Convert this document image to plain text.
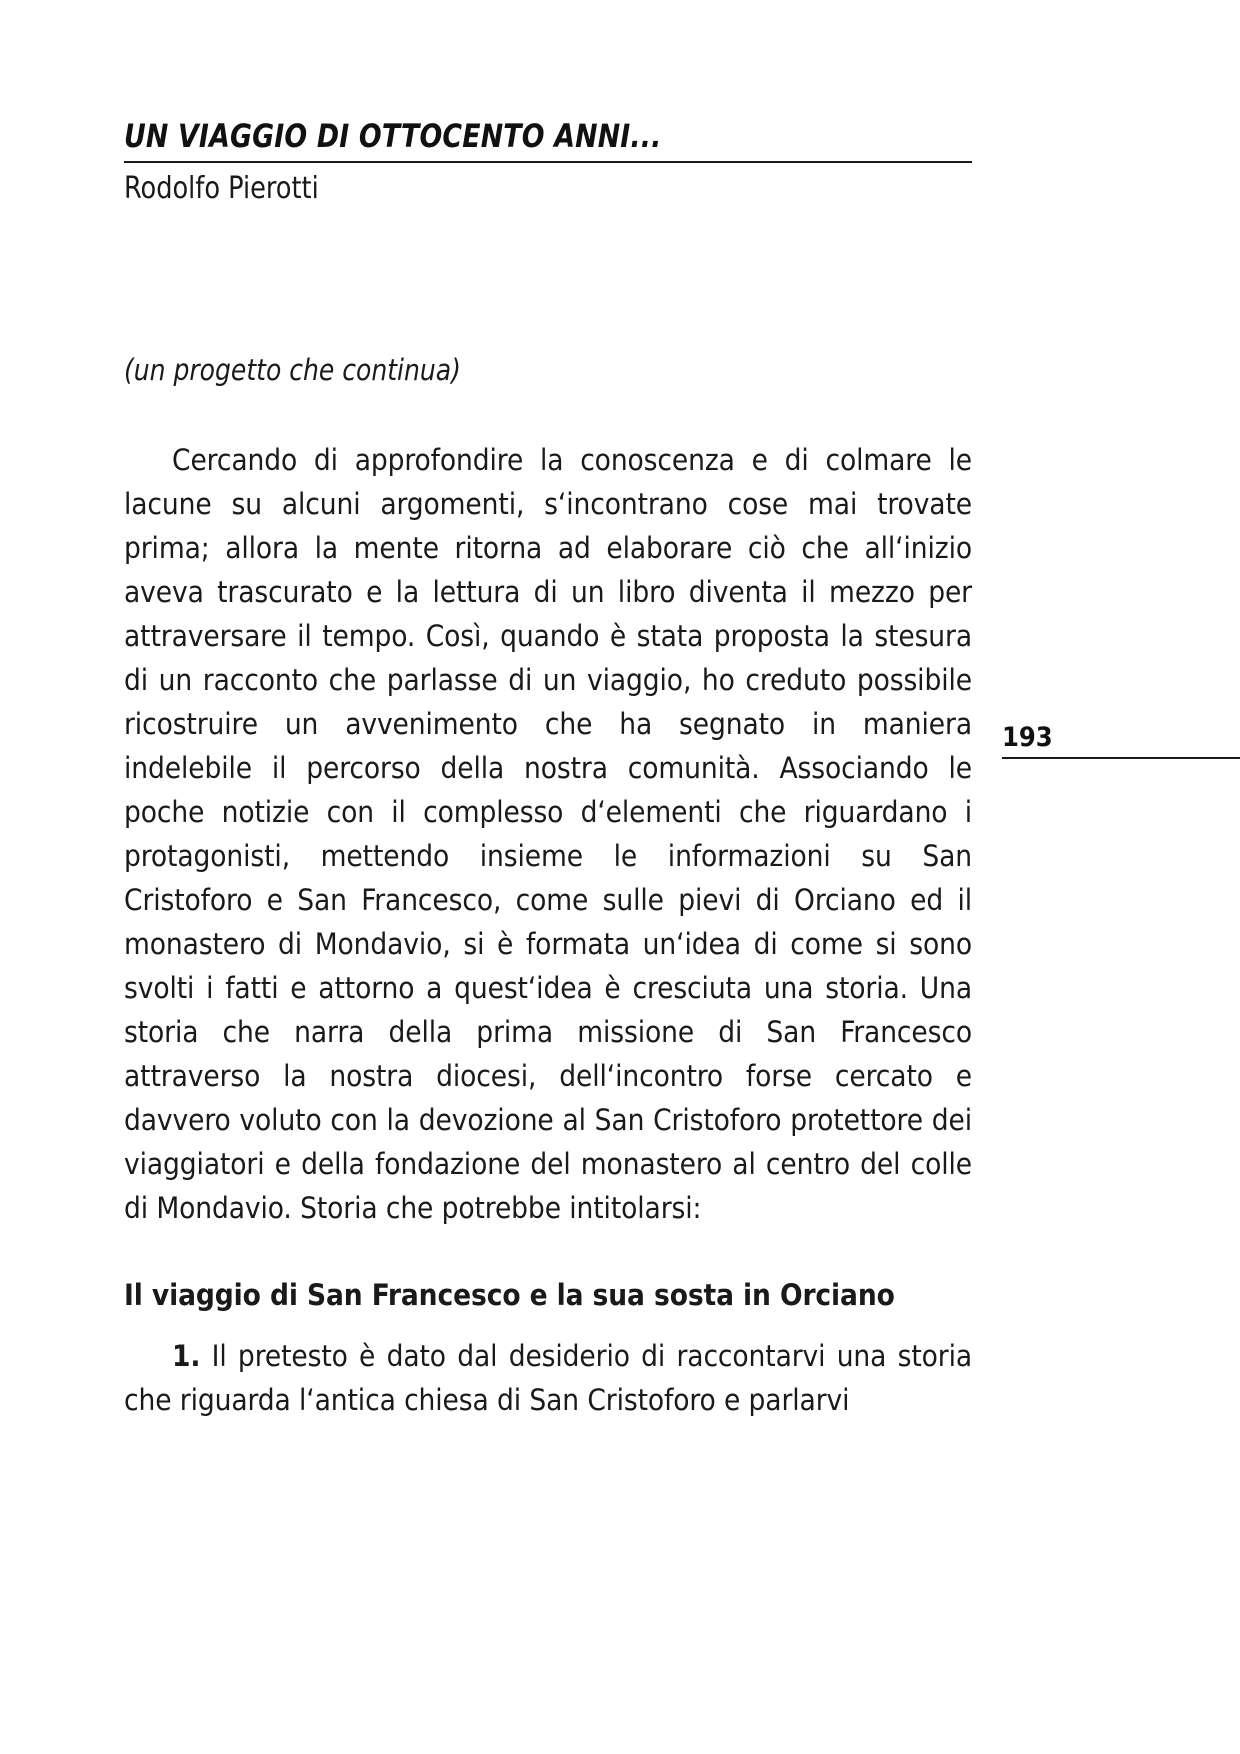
UN VIAGGIO DI OTTOCENTO ANNI...
Rodolfo Pierotti
(un progetto che continua)

Cercando di approfondire la conoscenza e di colmare le lacune su alcuni argomenti, s‘incontrano cose mai trovate prima; allora la mente ritorna ad elaborare ciò che all‘inizio aveva trascurato e la lettura di un libro diventa il mezzo per attraversare il tempo. Così, quando è stata proposta la stesura di un racconto che parlasse di un viaggio, ho creduto possibile ricostruire un avvenimento che ha segnato in maniera indelebile il percorso della nostra comunità. Associando le poche notizie con il complesso d‘elementi che riguardano i protagonisti, mettendo insieme le informazioni su San Cristoforo e San Francesco, come sulle pievi di Orciano ed il monastero di Mondavio, si è formata un‘idea di come si sono svolti i fatti e attorno a quest‘idea è cresciuta una storia. Una storia che narra della prima missione di San Francesco attraverso la nostra diocesi, dell‘incontro forse cercato e davvero voluto con la devozione al San Cristoforo protettore dei viaggiatori e della fondazione del monastero al centro del colle di Mondavio. Storia che potrebbe intitolarsi:

Il viaggio di San Francesco e la sua sosta in Orciano

1. Il pretesto è dato dal desiderio di raccontarvi una storia che riguarda l‘antica chiesa di San Cristoforo e parlarvi

193
